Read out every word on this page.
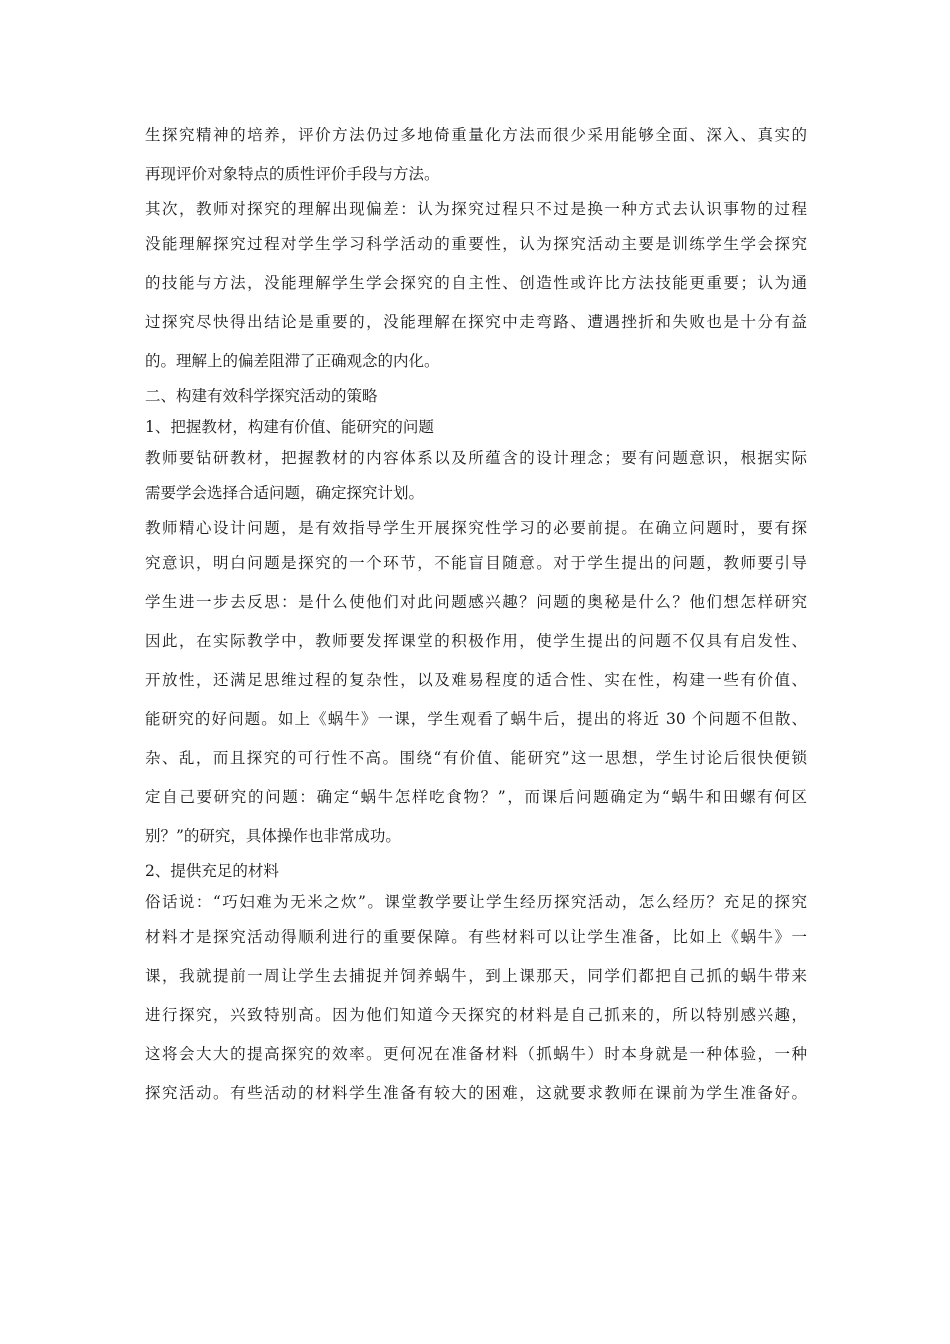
生探究精神的培养，评价方法仍过多地倚重量化方法而很少采用能够全面、深入、真实的
再现评价对象特点的质性评价手段与方法。
其次，教师对探究的理解出现偏差：认为探究过程只不过是换一种方式去认识事物的过程
没能理解探究过程对学生学习科学活动的重要性，认为探究活动主要是训练学生学会探究
的技能与方法，没能理解学生学会探究的自主性、创造性或许比方法技能更重要；认为通
过探究尽快得出结论是重要的，没能理解在探究中走弯路、遭遇挫折和失败也是十分有益
的。理解上的偏差阻滞了正确观念的内化。
二、构建有效科学探究活动的策略
1、把握教材，构建有价值、能研究的问题
教师要钻研教材，把握教材的内容体系以及所蕴含的设计理念；要有问题意识，根据实际
需要学会选择合适问题，确定探究计划。
教师精心设计问题，是有效指导学生开展探究性学习的必要前提。在确立问题时，要有探
究意识，明白问题是探究的一个环节，不能盲目随意。对于学生提出的问题，教师要引导
学生进一步去反思：是什么使他们对此问题感兴趣？问题的奥秘是什么？他们想怎样研究
因此，在实际教学中，教师要发挥课堂的积极作用，使学生提出的问题不仅具有启发性、
开放性，还满足思维过程的复杂性，以及难易程度的适合性、实在性，构建一些有价值、
能研究的好问题。如上《蜗牛》一课，学生观看了蜗牛后，提出的将近 30 个问题不但散、
杂、乱，而且探究的可行性不高。围绕“有价值、能研究”这一思想，学生讨论后很快便锁
定自己要研究的问题：确定“蜗牛怎样吃食物？”，而课后问题确定为“蜗牛和田螺有何区
别？”的研究，具体操作也非常成功。
2、提供充足的材料
俗话说：“巧妇难为无米之炊”。课堂教学要让学生经历探究活动，怎么经历？充足的探究
材料才是探究活动得顺利进行的重要保障。有些材料可以让学生准备，比如上《蜗牛》一
课，我就提前一周让学生去捕捉并饲养蜗牛，到上课那天，同学们都把自己抓的蜗牛带来
进行探究，兴致特别高。因为他们知道今天探究的材料是自己抓来的，所以特别感兴趣，
这将会大大的提高探究的效率。更何况在准备材料（抓蜗牛）时本身就是一种体验，一种
探究活动。有些活动的材料学生准备有较大的困难，这就要求教师在课前为学生准备好。
